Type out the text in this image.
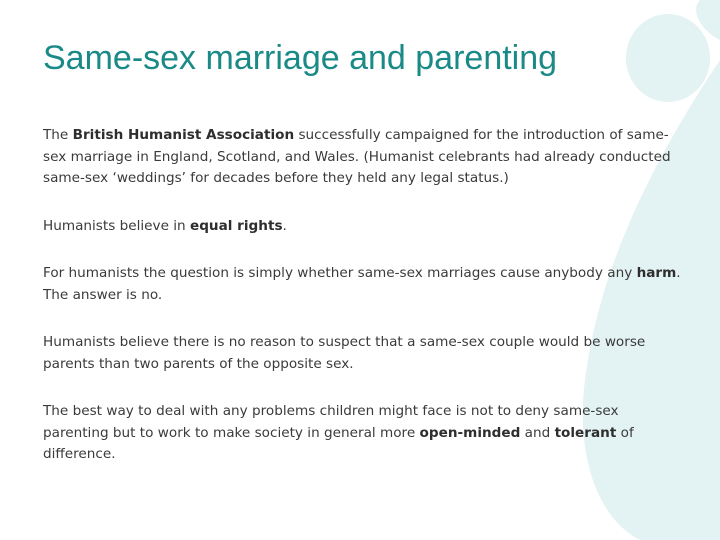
Same-sex marriage and parenting

The British Humanist Association successfully campaigned for the introduction of same-sex marriage in England, Scotland, and Wales. (Humanist celebrants had already conducted same-sex ‘weddings’ for decades before they held any legal status.)

Humanists believe in equal rights.

For humanists the question is simply whether same-sex marriages cause anybody any harm. The answer is no.

Humanists believe there is no reason to suspect that a same-sex couple would be worse parents than two parents of the opposite sex.

The best way to deal with any problems children might face is not to deny same-sex parenting but to work to make society in general more open-minded and tolerant of difference.
